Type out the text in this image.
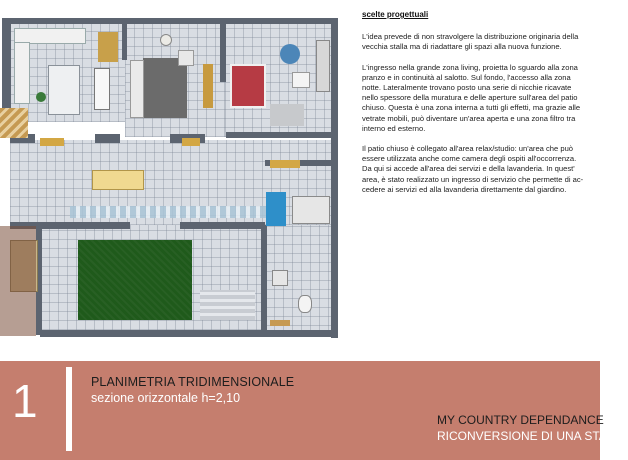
scelte progettuali

L'idea prevede di non stravolgere la distribuzione originaria della
vecchia stalla ma di riadattare gli spazi alla nuova funzione.

L'ingresso nella grande zona living, proietta lo sguardo alla zona
pranzo e in continuità al salotto. Sul fondo, l'accesso alla zona
notte. Lateralmente trovano posto una serie di nicchie ricavate
nello spessore della muratura e delle aperture sull'area del patio
chiuso. Questa è una zona interna a tutti gli effetti, ma grazie alle
vetrate mobili, può diventare un'area aperta e una zona filtro tra
interno ed esterno.

Il patio chiuso è collegato all'area relax/studio: un'area che può
essere utilizzata anche come camera degli ospiti all'occorrenza.
Da qui si accede all'area dei servizi e della lavanderia. In quest'
area, è stato realizzato un ingresso di servizio che permette di ac-
cedere ai servizi ed alla lavanderia direttamente dal giardino.

1	PLANIMETRIA TRIDIMENSIONALE
sezione orizzontale h=2,10
MY COUNTRY DEPENDANCE
RICONVERSIONE DI UNA STALLA
